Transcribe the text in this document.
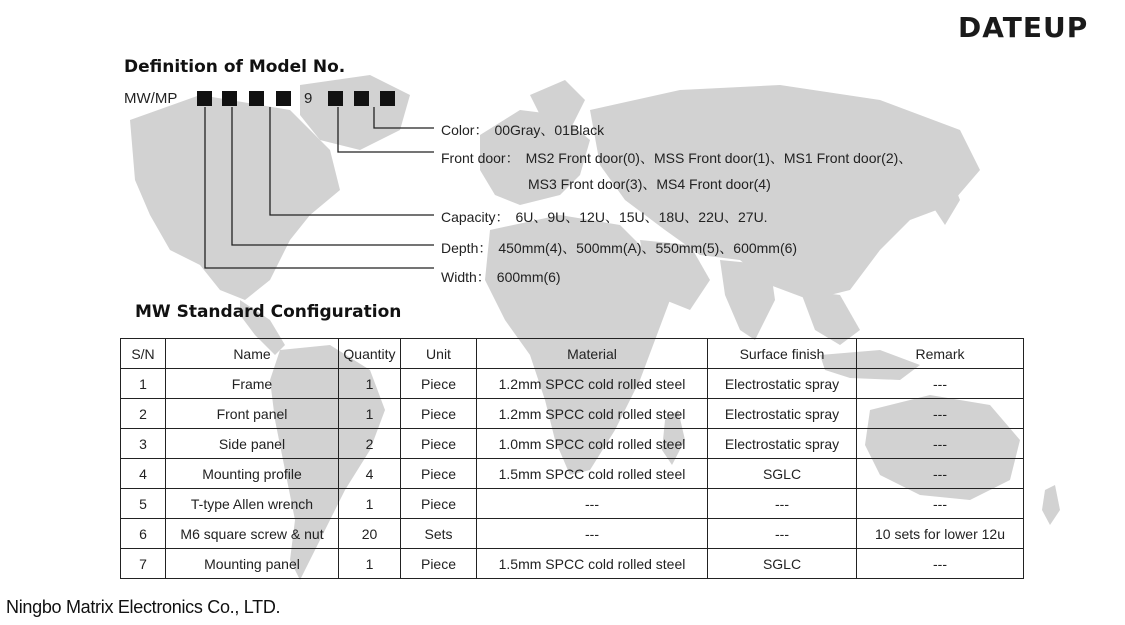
DATEUP
Definition of Model No.
MW/MP	9
Color： 00Gray、01Black
Front door： MS2 Front door(0)、MSS Front door(1)、MS1 Front door(2)、
MS3 Front door(3)、MS4 Front door(4)
Capacity： 6U、9U、12U、15U、18U、22U、27U.
Depth： 450mm(4)、500mm(A)、550mm(5)、600mm(6)
Width： 600mm(6)
MW Standard Configuration
S/N	Name	Quantity	Unit	Material	Surface finish	Remark
1	Frame	1	Piece	1.2mm SPCC cold rolled steel	Electrostatic spray	---
2	Front panel	1	Piece	1.2mm SPCC cold rolled steel	Electrostatic spray	---
3	Side panel	2	Piece	1.0mm SPCC cold rolled steel	Electrostatic spray	---
4	Mounting profile	4	Piece	1.5mm SPCC cold rolled steel	SGLC	---
5	T-type Allen wrench	1	Piece	---	---	---
6	M6 square screw & nut	20	Sets	---	---	10 sets for lower 12u
7	Mounting panel	1	Piece	1.5mm SPCC cold rolled steel	SGLC	---
Ningbo Matrix Electronics Co., LTD.
